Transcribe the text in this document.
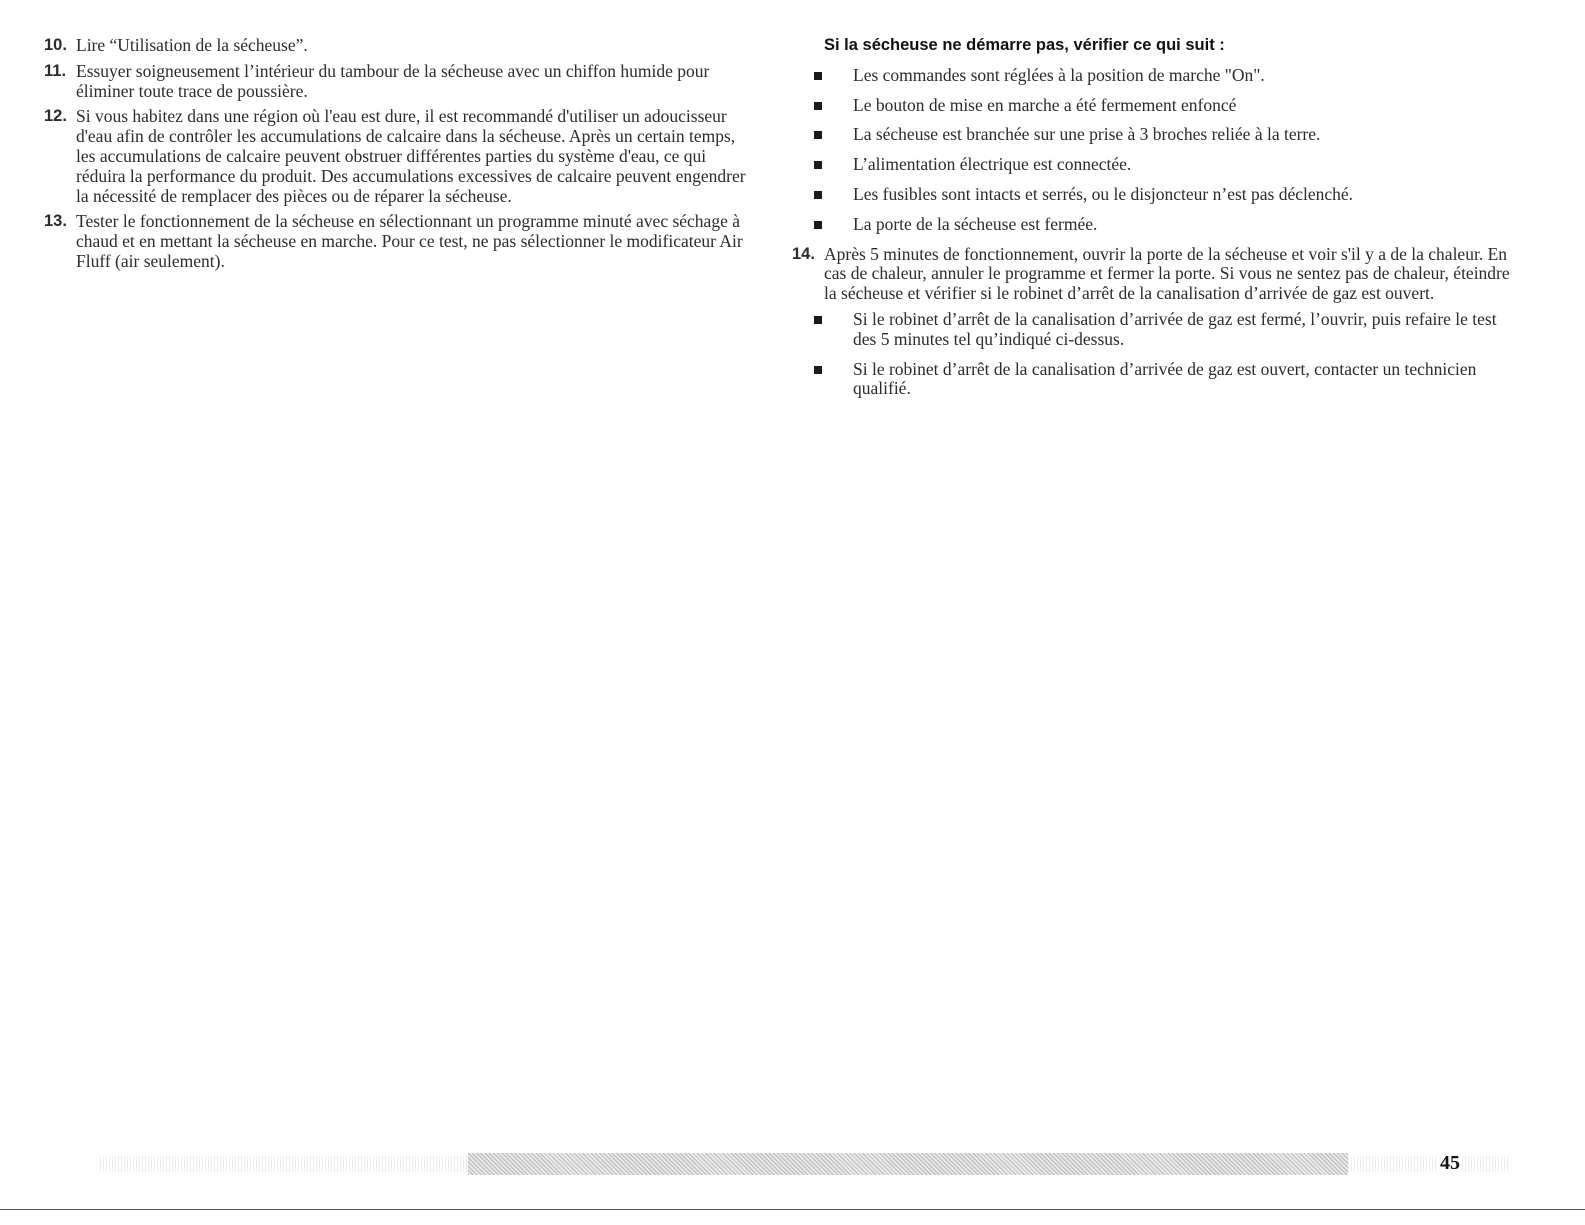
10. Lire “Utilisation de la sécheuse”.
11. Essuyer soigneusement l’intérieur du tambour de la sécheuse avec un chiffon humide pour éliminer toute trace de poussière.
12. Si vous habitez dans une région où l'eau est dure, il est recommandé d'utiliser un adoucisseur d'eau afin de contrôler les accumulations de calcaire dans la sécheuse. Après un certain temps, les accumulations de calcaire peuvent obstruer différentes parties du système d'eau, ce qui réduira la performance du produit. Des accumulations excessives de calcaire peuvent engendrer la nécessité de remplacer des pièces ou de réparer la sécheuse.
13. Tester le fonctionnement de la sécheuse en sélectionnant un programme minuté avec séchage à chaud et en mettant la sécheuse en marche. Pour ce test, ne pas sélectionner le modificateur Air Fluff (air seulement).
Si la sécheuse ne démarre pas, vérifier ce qui suit :
Les commandes sont réglées à la position de marche "On".
Le bouton de mise en marche a été fermement enfoncé
La sécheuse est branchée sur une prise à 3 broches reliée à la terre.
L’alimentation électrique est connectée.
Les fusibles sont intacts et serrés, ou le disjoncteur n’est pas déclenché.
La porte de la sécheuse est fermée.
14. Après 5 minutes de fonctionnement, ouvrir la porte de la sécheuse et voir s'il y a de la chaleur. En cas de chaleur, annuler le programme et fermer la porte. Si vous ne sentez pas de chaleur, éteindre la sécheuse et vérifier si le robinet d’arrêt de la canalisation d’arrivée de gaz est ouvert.
Si le robinet d’arrêt de la canalisation d’arrivée de gaz est fermé, l’ouvrir, puis refaire le test des 5 minutes tel qu’indiqué ci-dessus.
Si le robinet d’arrêt de la canalisation d’arrivée de gaz est ouvert, contacter un technicien qualifié.
45
